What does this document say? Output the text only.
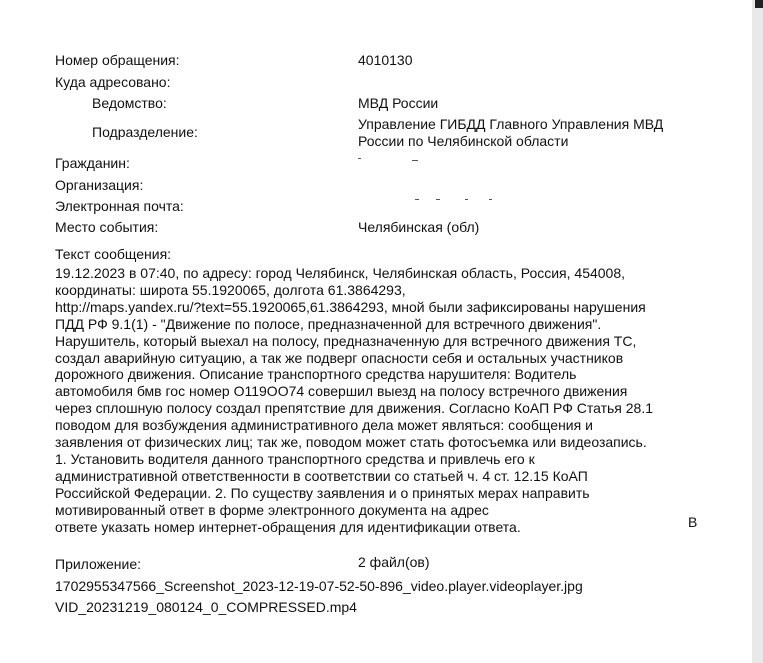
Номер обращения:	4010130
Куда адресовано:
Ведомство:	МВД России
Подразделение:	Управление ГИБДД Главного Управления МВД России по Челябинской области
Гражданин:
Организация:
Электронная почта:
Место события:	Челябинская (обл)
Текст сообщения:
19.12.2023 в 07:40, по адресу: город Челябинск, Челябинская область, Россия, 454008,
координаты: широта 55.1920065, долгота 61.3864293,
http://maps.yandex.ru/?text=55.1920065,61.3864293, мной были зафиксированы нарушения
ПДД РФ 9.1(1) - "Движение по полосе, предназначенной для встречного движения".
Нарушитель, который выехал на полосу, предназначенную для встречного движения ТС,
создал аварийную ситуацию, а так же подверг опасности себя и остальных участников
дорожного движения. Описание транспортного средства нарушителя: Водитель
автомобиля бмв гос номер О119ОО74 совершил выезд на полосу встречного движения
через сплошную полосу создал препятствие для движения. Согласно КоАП РФ Статья 28.1
поводом для возбуждения административного дела может являться: сообщения и
заявления от физических лиц; так же, поводом может стать фотосъемка или видеозапись.
1. Установить водителя данного транспортного средства и привлечь его к
административной ответственности в соответствии со статьей ч. 4 ст. 12.15 КоАП
Российской Федерации. 2. По существу заявления и о принятых мерах направить
мотивированный ответ в форме электронного документа на адрес
ответе указать номер интернет-обращения для идентификации ответа.	В
Приложение:	2 файл(ов)
1702955347566_Screenshot_2023-12-19-07-52-50-896_video.player.videoplayer.jpg
VID_20231219_080124_0_COMPRESSED.mp4
